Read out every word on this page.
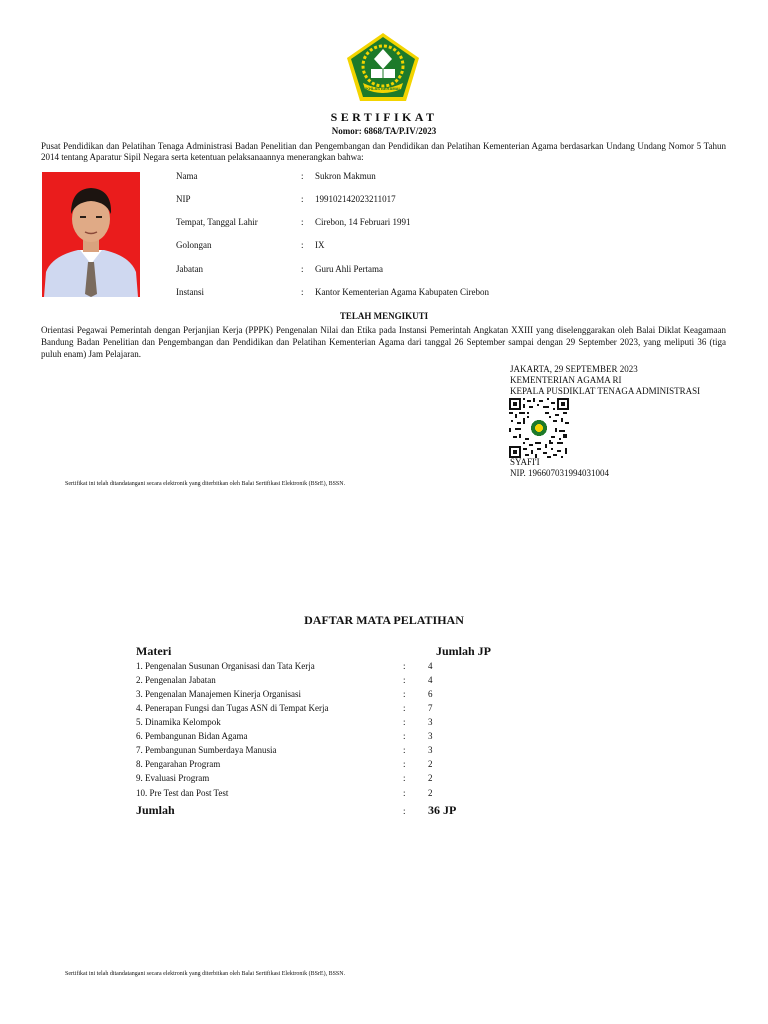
IKHLAS BERAMAL
SERTIFIKAT
Nomor: 6868/TA/P.IV/2023
Pusat Pendidikan dan Pelatihan Tenaga Administrasi Badan Penelitian dan Pengembangan dan Pendidikan dan Pelatihan Kementerian Agama berdasarkan Undang Undang Nomor 5 Tahun 2014 tentang Aparatur Sipil Negara serta ketentuan pelaksanaannya menerangkan bahwa:
Nama	: Sukron Makmun
NIP	: 199102142023211017
Tempat, Tanggal Lahir	: Cirebon, 14 Februari 1991
Golongan	: IX
Jabatan	: Guru Ahli Pertama
Instansi	: Kantor Kementerian Agama Kabupaten Cirebon
TELAH MENGIKUTI
Orientasi Pegawai Pemerintah dengan Perjanjian Kerja (PPPK) Pengenalan Nilai dan Etika pada Instansi Pemerintah Angkatan XXIII yang diselenggarakan oleh Balai Diklat Keagamaan Bandung Badan Penelitian dan Pengembangan dan Pendidikan dan Pelatihan Kementerian Agama dari tanggal 26 September sampai dengan 29 September 2023, yang meliputi 36 (tiga puluh enam) Jam Pelajaran.
JAKARTA, 29 SEPTEMBER 2023
KEMENTERIAN AGAMA RI
KEPALA PUSDIKLAT TENAGA ADMINISTRASI
SYAFI'I
NIP. 196607031994031004
Sertifikat ini telah ditandatangani secara elektronik yang diterbitkan oleh Balai Sertifikasi Elektronik (BSrE), BSSN.
DAFTAR MATA PELATIHAN
Materi	Jumlah JP
1. Pengenalan Susunan Organisasi dan Tata Kerja	: 4
2. Pengenalan Jabatan	: 4
3. Pengenalan Manajemen Kinerja Organisasi	: 6
4. Penerapan Fungsi dan Tugas ASN di Tempat Kerja	: 7
5. Dinamika Kelompok	: 3
6. Pembangunan Bidan Agama	: 3
7. Pembangunan Sumberdaya Manusia	: 3
8. Pengarahan Program	: 2
9. Evaluasi Program	: 2
10. Pre Test dan Post Test	: 2
Jumlah	: 36 JP
Sertifikat ini telah ditandatangani secara elektronik yang diterbitkan oleh Balai Sertifikasi Elektronik (BSrE), BSSN.
